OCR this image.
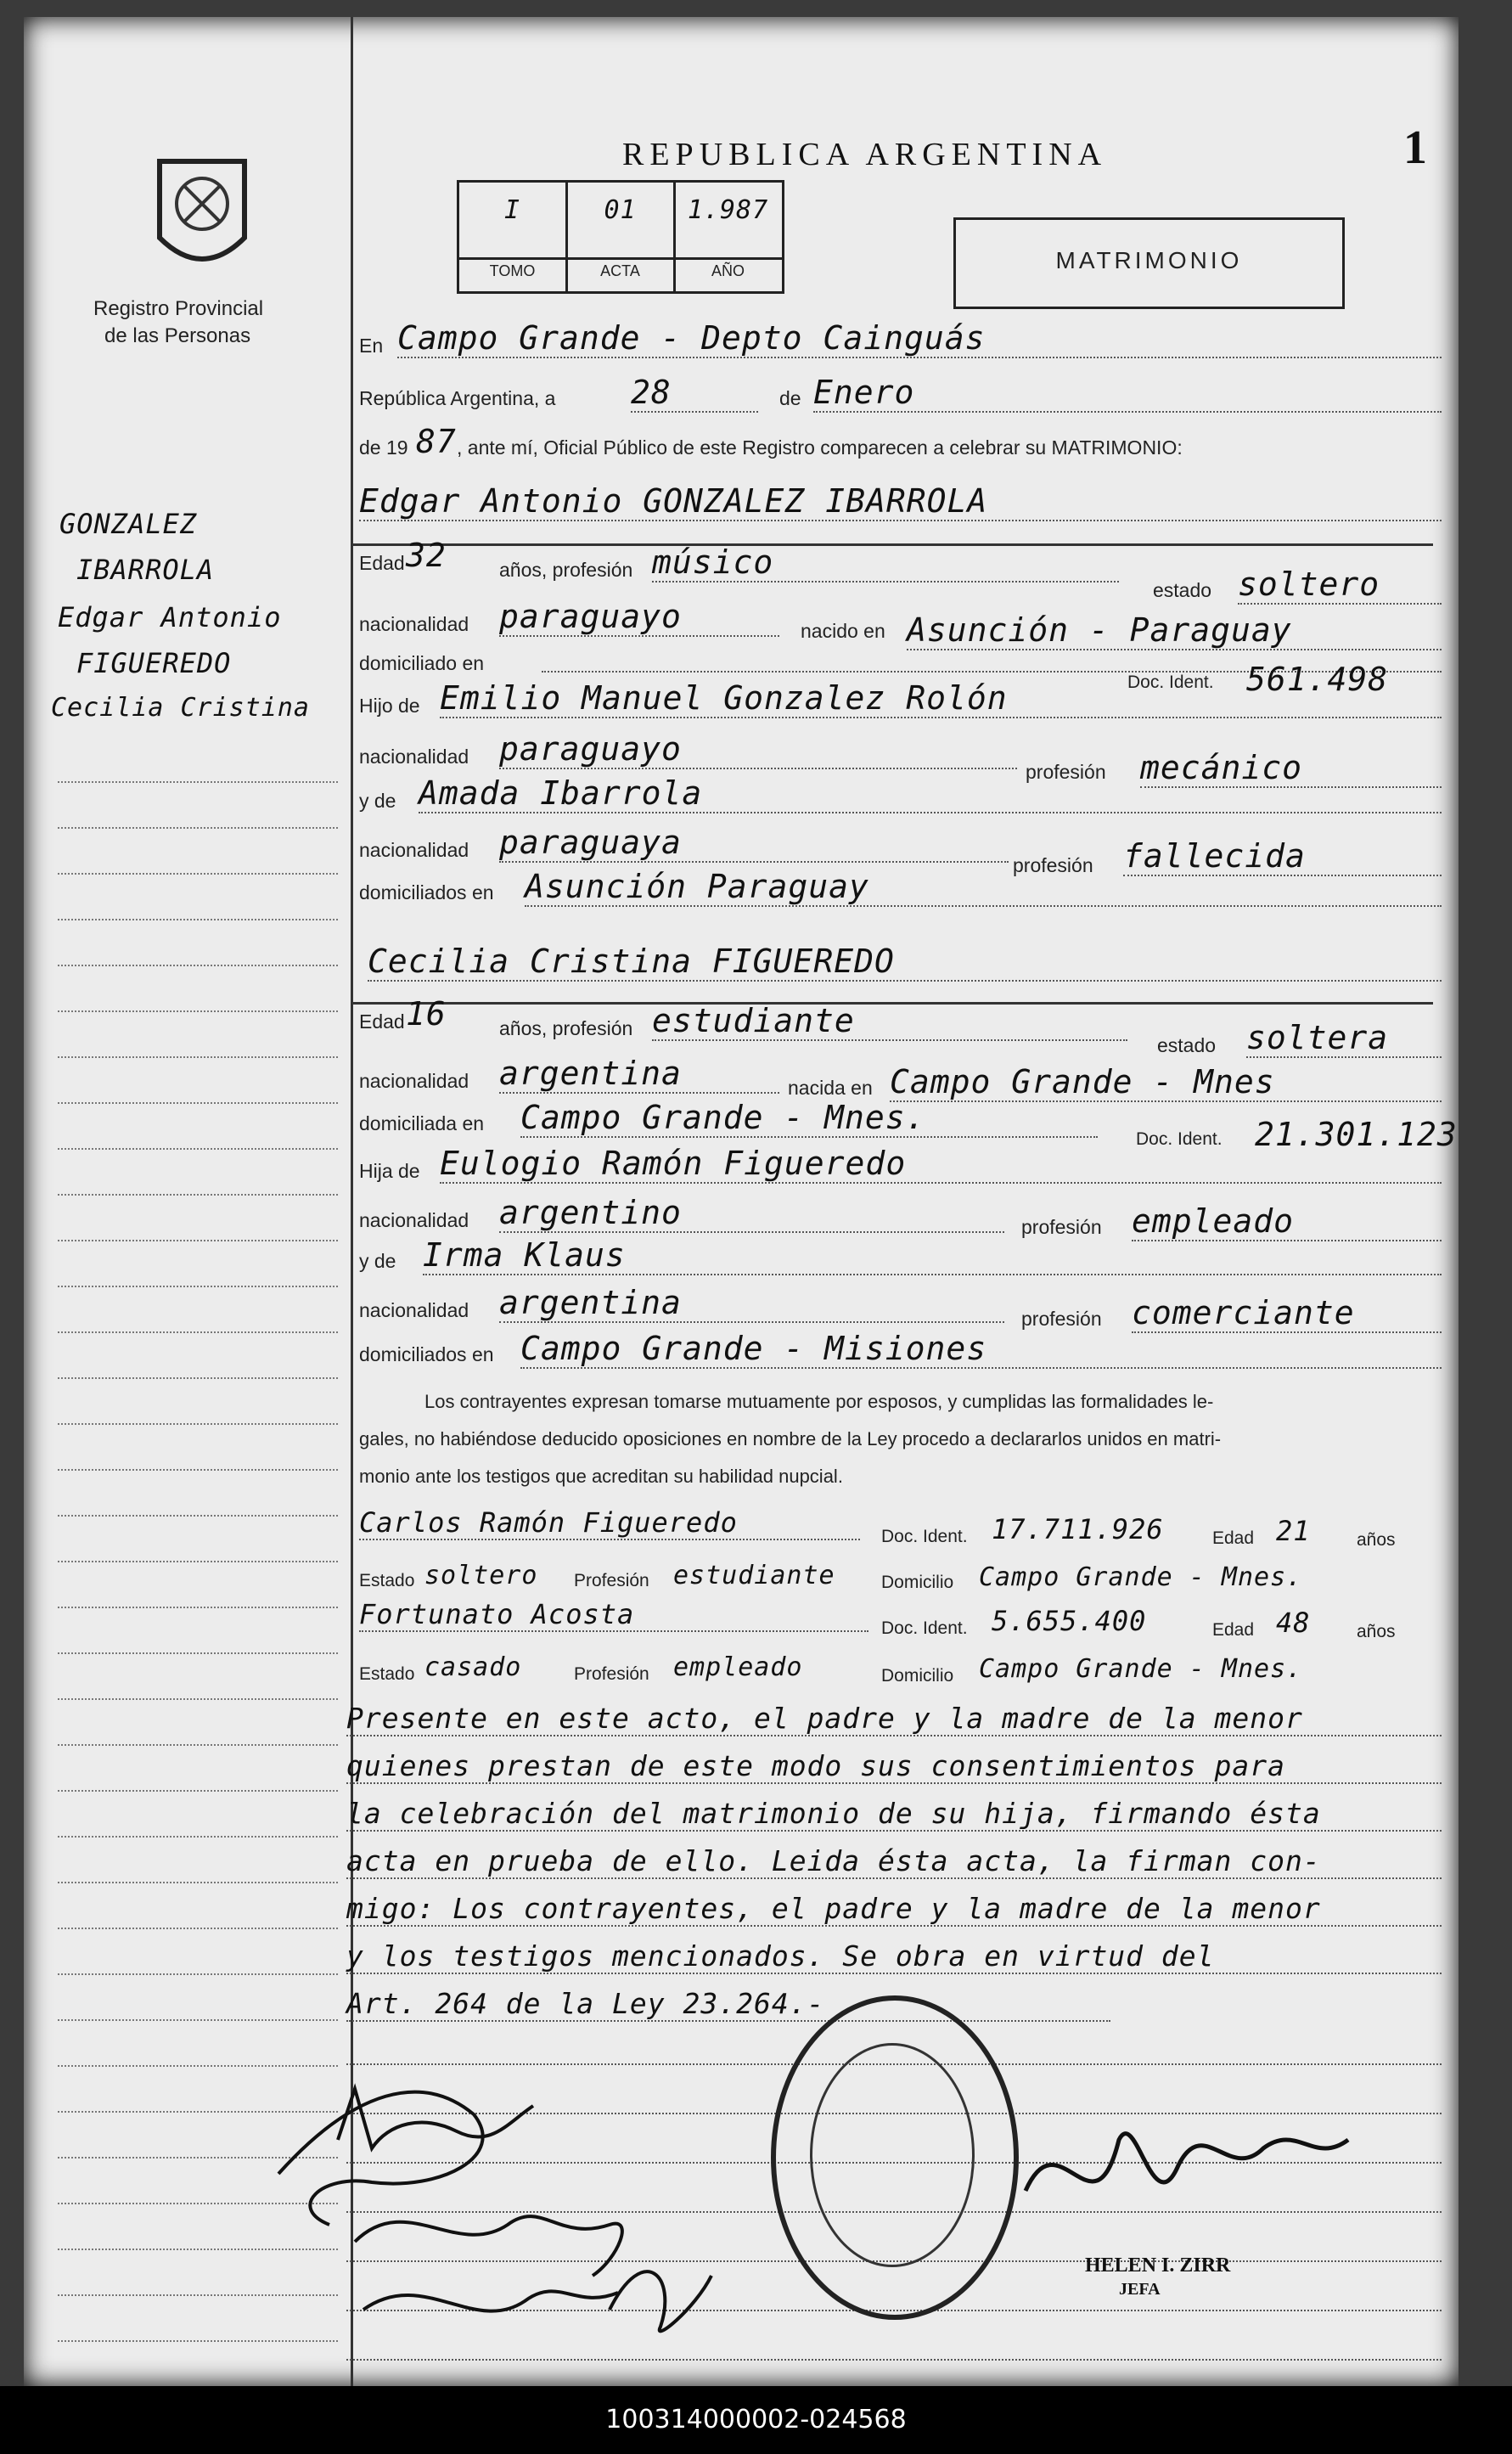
Registro Provincial
de las Personas
GONZALEZ
IBARROLA
Edgar Antonio
FIGUEREDO
Cecilia Cristina
REPUBLICA ARGENTINA	1
I	01	1.987
TOMO	ACTA	AÑO	MATRIMONIO
En Campo Grande - Depto Cainguás
República Argentina, a 28	de Enero
de 19 87 , ante mí, Oficial Público de este Registro comparecen a celebrar su MATRIMONIO:
Edgar Antonio GONZALEZ IBARROLA
Edad 32	años, profesión músico
estado soltero
nacionalidad paraguayo	nacido en Asunción - Paraguay
domiciliado en
Doc. Ident. 561.498
Hijo de Emilio Manuel Gonzalez Rolón
nacionalidad paraguayo
profesión mecánico
y de Amada Ibarrola
nacionalidad paraguaya
profesión fallecida
domiciliados en Asunción Paraguay
Cecilia Cristina FIGUEREDO
Edad 16	años, profesión estudiante
estado soltera
nacionalidad argentina	nacida en Campo Grande - Mnes
domiciliada en Campo Grande - Mnes.
Doc. Ident. 21.301.123
Hija de Eulogio Ramón Figueredo
nacionalidad argentino	profesión empleado
y de Irma Klaus
nacionalidad argentina	profesión comerciante
domiciliados en Campo Grande - Misiones
Los contrayentes expresan tomarse mutuamente por esposos, y cumplidas las formalidades le-
gales, no habiéndose deducido oposiciones en nombre de la Ley procedo a declararlos unidos en matri-
monio ante los testigos que acreditan su habilidad nupcial.
Carlos Ramón Figueredo	Doc. Ident. 17.711.926	Edad 21	años
Estado soltero Profesión estudiante	Domicilio Campo Grande - Mnes.
Fortunato Acosta	Doc. Ident. 5.655.400	Edad 48	años
Estado casado	Profesión empleado	Domicilio Campo Grande - Mnes.
Presente en este acto, el padre y la madre de la menor
quienes prestan de este modo sus consentimientos para
la celebración del matrimonio de su hija, firmando ésta
acta en prueba de ello. Leida ésta acta, la firman con-
migo: Los contrayentes, el padre y la madre de la menor
y los testigos mencionados. Se obra en virtud del
Art. 264 de la Ley 23.264.-
HELEN I. ZIRR
JEFA
100314000002-024568
